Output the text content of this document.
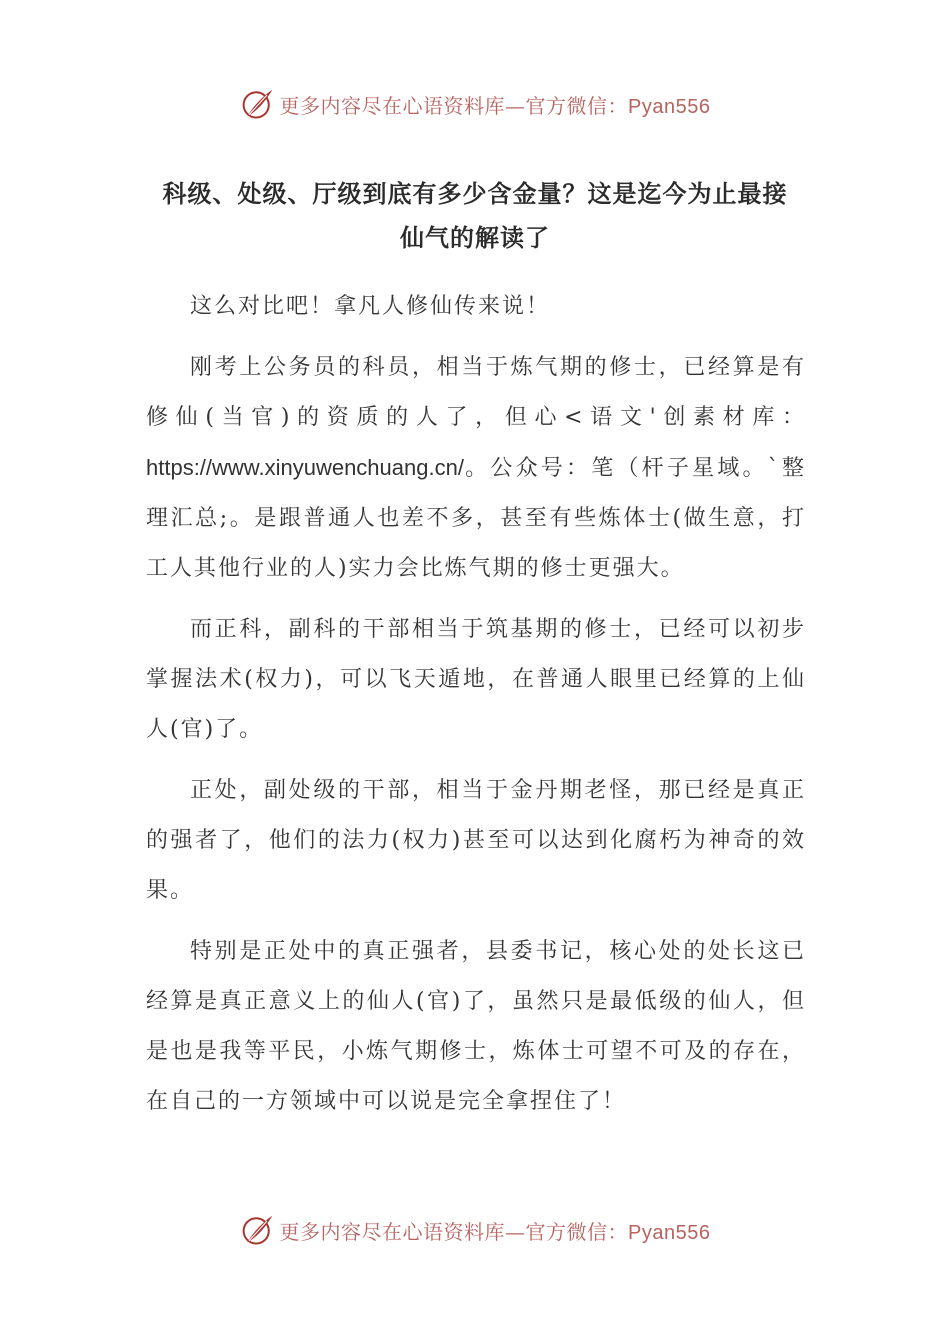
更多内容尽在心语资料库—官方微信：Pyan556
科级、处级、厅级到底有多少含金量？这是迄今为止最接
仙气的解读了

这么对比吧！拿凡人修仙传来说！

刚考上公务员的科员，相当于炼气期的修士，已经算是有修仙(当官)的资质的人了，但心<语文'创素材库：https://www.xinyuwenchuang.cn/。公众号：笔（杆子星域。`整理汇总;。是跟普通人也差不多，甚至有些炼体士(做生意，打工人其他行业的人)实力会比炼气期的修士更强大。

而正科，副科的干部相当于筑基期的修士，已经可以初步掌握法术(权力)，可以飞天遁地，在普通人眼里已经算的上仙人(官)了。

正处，副处级的干部，相当于金丹期老怪，那已经是真正的强者了，他们的法力(权力)甚至可以达到化腐朽为神奇的效果。

特别是正处中的真正强者，县委书记，核心处的处长这已经算是真正意义上的仙人(官)了，虽然只是最低级的仙人，但是也是我等平民，小炼气期修士，炼体士可望不可及的存在，在自己的一方领域中可以说是完全拿捏住了！

更多内容尽在心语资料库—官方微信：Pyan556
